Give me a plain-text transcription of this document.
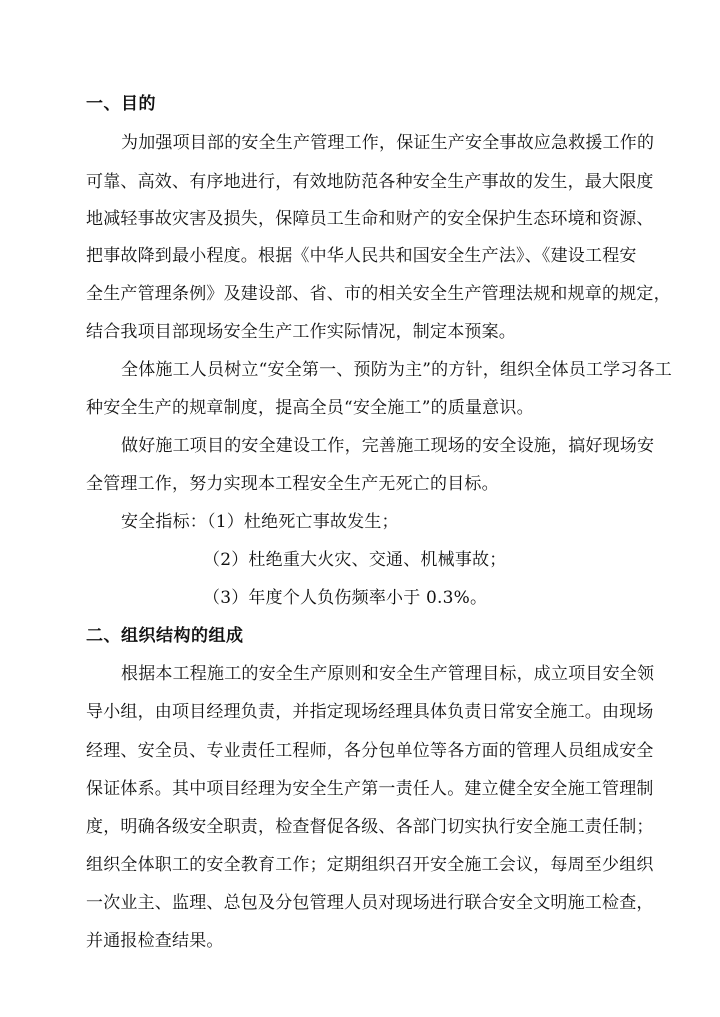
一、目的
为加强项目部的安全生产管理工作，保证生产安全事故应急救援工作的
可靠、高效、有序地进行，有效地防范各种安全生产事故的发生，最大限度
地减轻事故灾害及损失，保障员工生命和财产的安全保护生态环境和资源、
把事故降到最小程度。根据《中华人民共和国安全生产法》、《建设工程安
全生产管理条例》及建设部、省、市的相关安全生产管理法规和规章的规定，
结合我项目部现场安全生产工作实际情况，制定本预案。
全体施工人员树立“安全第一、预防为主”的方针，组织全体员工学习各工
种安全生产的规章制度，提高全员“安全施工”的质量意识。
做好施工项目的安全建设工作，完善施工现场的安全设施，搞好现场安
全管理工作，努力实现本工程安全生产无死亡的目标。
安全指标：（1）杜绝死亡事故发生；
（2）杜绝重大火灾、交通、机械事故；
（3）年度个人负伤频率小于 0.3%。
二、组织结构的组成
根据本工程施工的安全生产原则和安全生产管理目标，成立项目安全领
导小组，由项目经理负责，并指定现场经理具体负责日常安全施工。由现场
经理、安全员、专业责任工程师，各分包单位等各方面的管理人员组成安全
保证体系。其中项目经理为安全生产第一责任人。建立健全安全施工管理制
度，明确各级安全职责，检查督促各级、各部门切实执行安全施工责任制；
组织全体职工的安全教育工作；定期组织召开安全施工会议，每周至少组织
一次业主、监理、总包及分包管理人员对现场进行联合安全文明施工检查，
并通报检查结果。
